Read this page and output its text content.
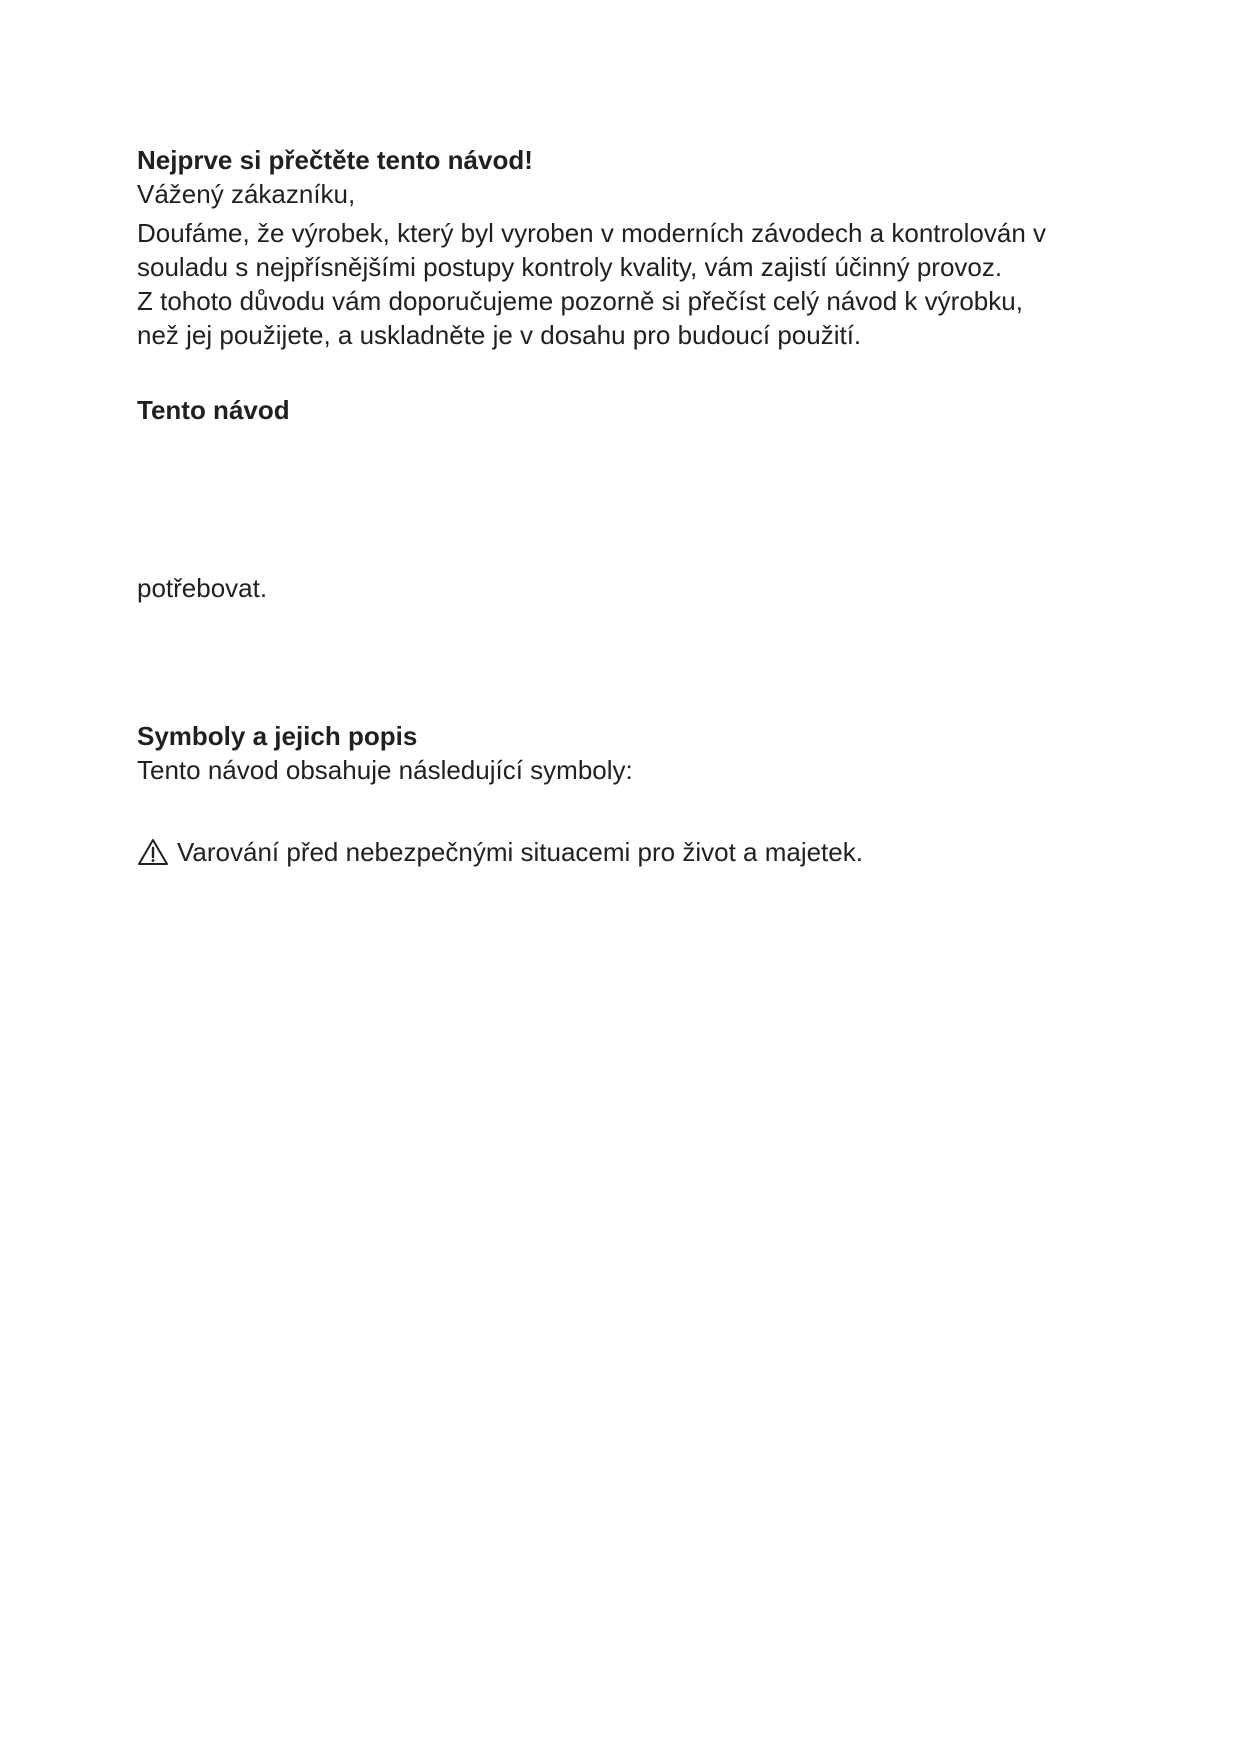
Nejprve si přečtěte tento návod!

Vážený zákazníku,

Doufáme, že výrobek, který byl vyroben v moderních závodech a kontrolován v

souladu s nejpřísnějšími postupy kontroly kvality, vám zajistí účinný provoz.

Z tohoto důvodu vám doporučujeme pozorně si přečíst celý návod k výrobku,

než jej použijete, a uskladněte je v dosahu pro budoucí použití.

Tento návod

potřebovat.

Symboly a jejich popis

Tento návod obsahuje následující symboly:

Varování před nebezpečnými situacemi pro život a majetek.
